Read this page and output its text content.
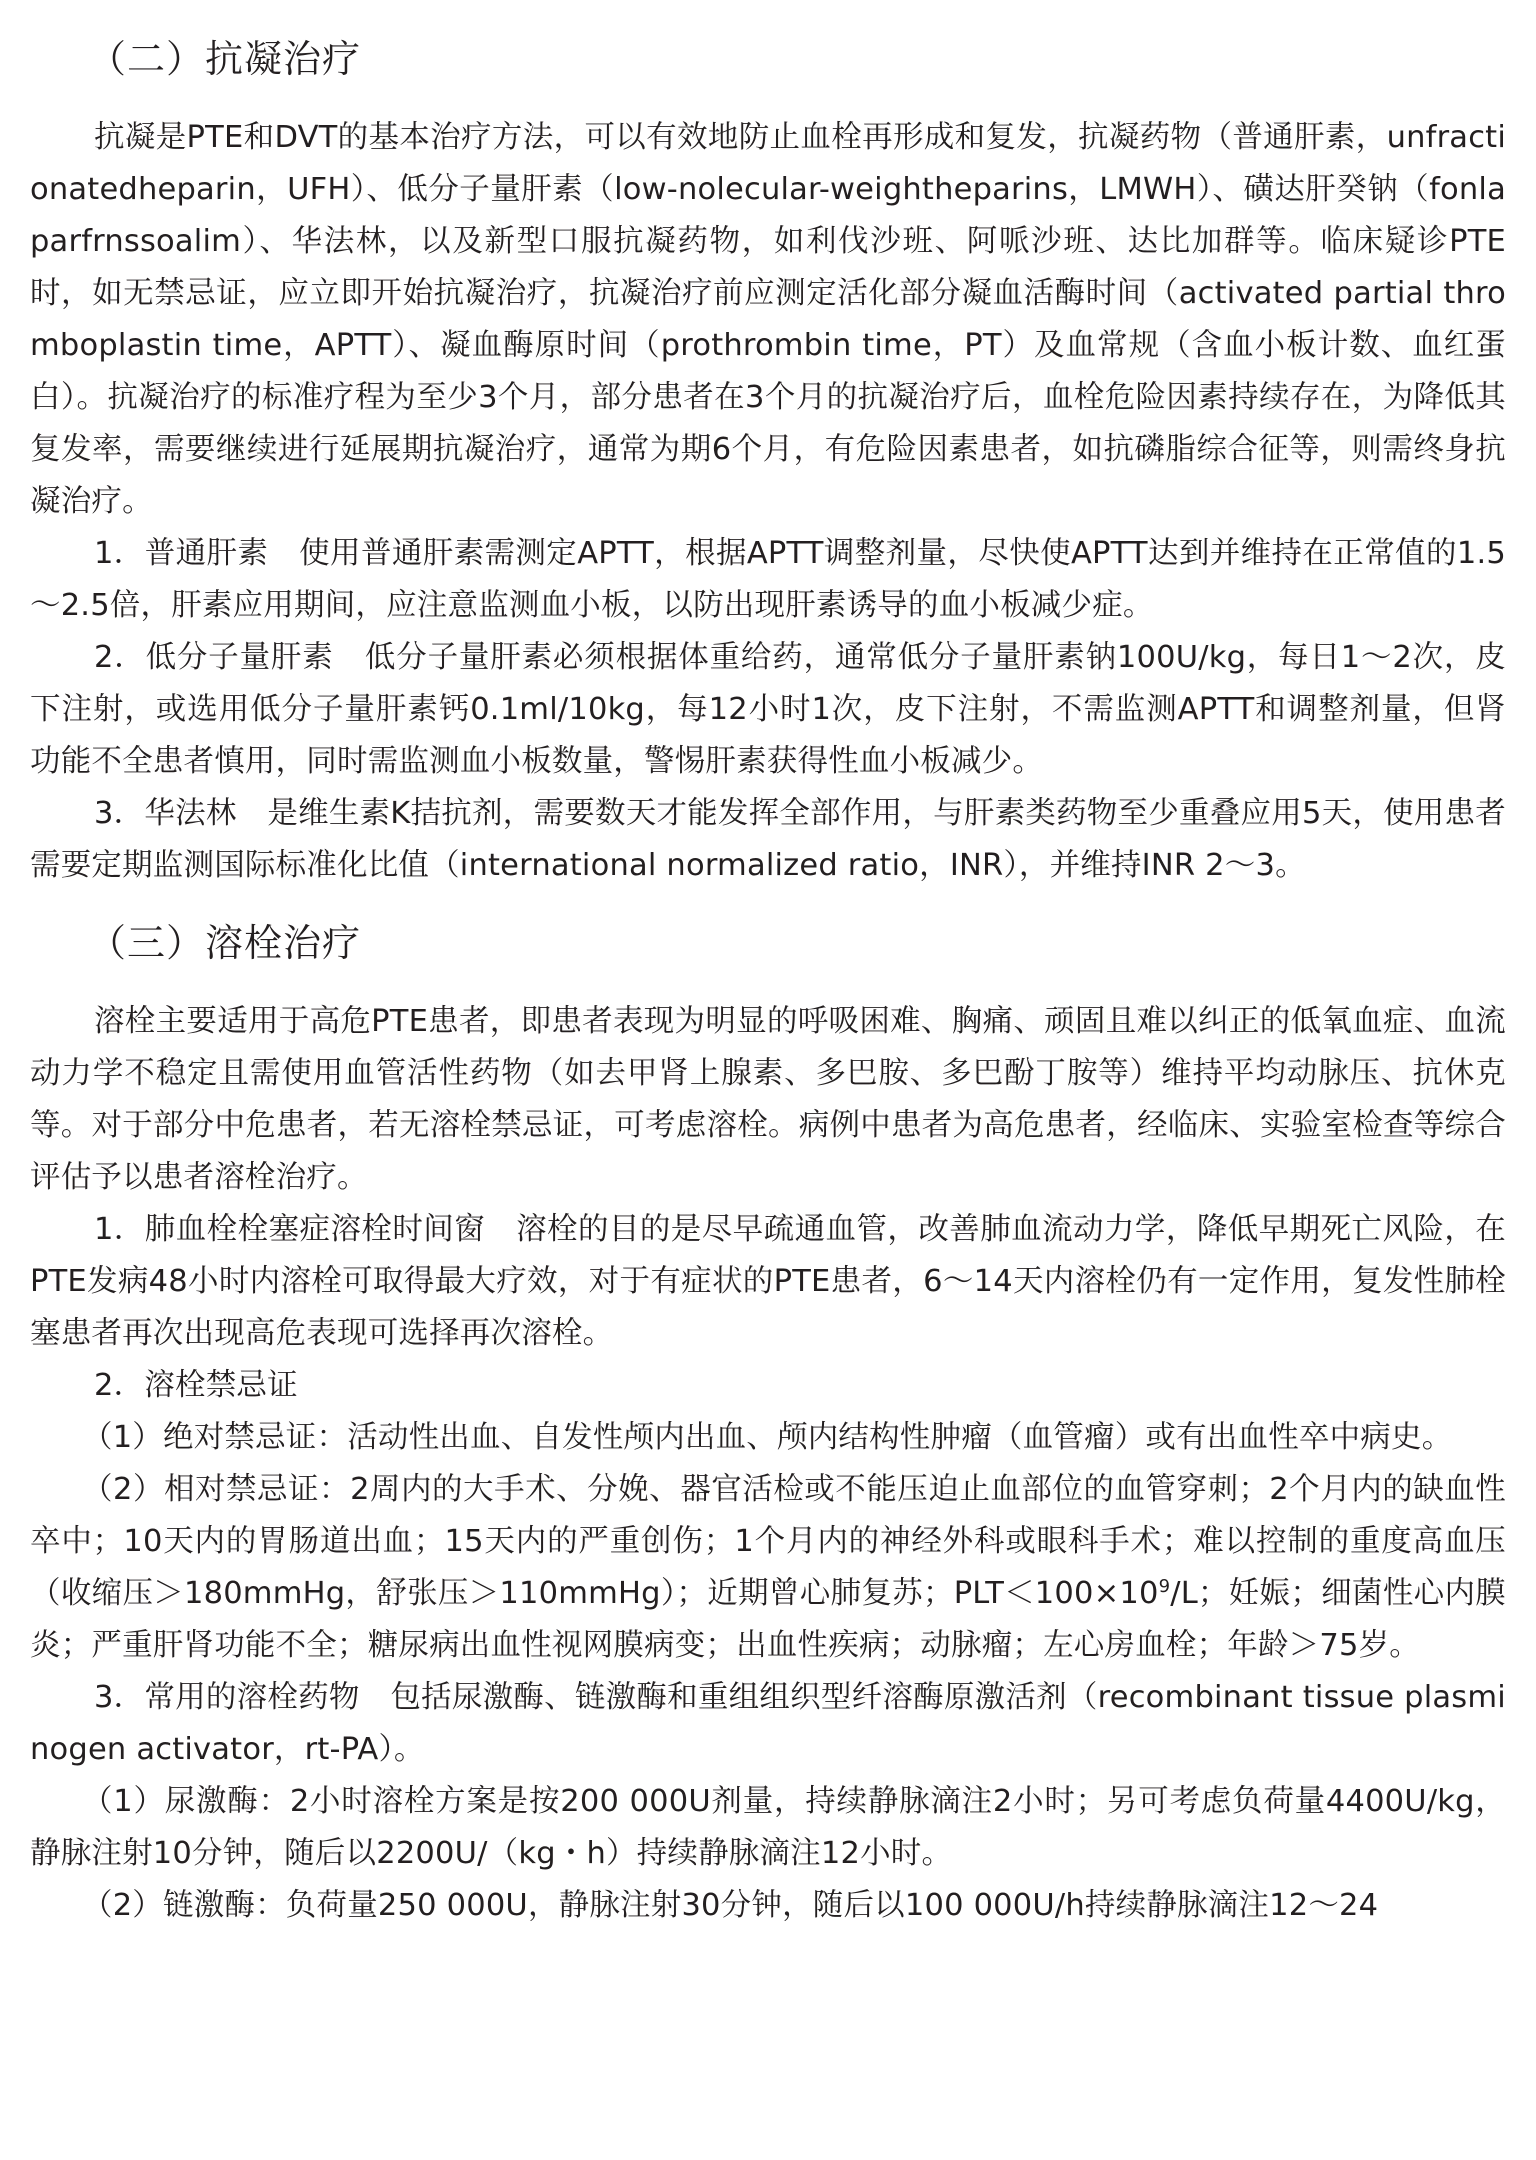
（二）抗凝治疗

抗凝是PTE和DVT的基本治疗方法，可以有效地防止血栓再形成和复发，抗凝药物（普通肝素，unfractionatedheparin，UFH）、低分子量肝素（low-nolecular-weightheparins，LMWH）、磺达肝癸钠（fonlaparfrnssoalim）、华法林，以及新型口服抗凝药物，如利伐沙班、阿哌沙班、达比加群等。临床疑诊PTE时，如无禁忌证，应立即开始抗凝治疗，抗凝治疗前应测定活化部分凝血活酶时间（activated partial thromboplastin time，APTT）、凝血酶原时间（prothrombin time，PT）及血常规（含血小板计数、血红蛋白）。抗凝治疗的标准疗程为至少3个月，部分患者在3个月的抗凝治疗后，血栓危险因素持续存在，为降低其复发率，需要继续进行延展期抗凝治疗，通常为期6个月，有危险因素患者，如抗磷脂综合征等，则需终身抗凝治疗。

1．普通肝素　使用普通肝素需测定APTT，根据APTT调整剂量，尽快使APTT达到并维持在正常值的1.5～2.5倍，肝素应用期间，应注意监测血小板，以防出现肝素诱导的血小板减少症。

2．低分子量肝素　低分子量肝素必须根据体重给药，通常低分子量肝素钠100U/kg，每日1～2次，皮下注射，或选用低分子量肝素钙0.1ml/10kg，每12小时1次，皮下注射，不需监测APTT和调整剂量，但肾功能不全患者慎用，同时需监测血小板数量，警惕肝素获得性血小板减少。

3．华法林　是维生素K拮抗剂，需要数天才能发挥全部作用，与肝素类药物至少重叠应用5天，使用患者需要定期监测国际标准化比值（international normalized ratio，INR），并维持INR 2～3。

（三）溶栓治疗

溶栓主要适用于高危PTE患者，即患者表现为明显的呼吸困难、胸痛、顽固且难以纠正的低氧血症、血流动力学不稳定且需使用血管活性药物（如去甲肾上腺素、多巴胺、多巴酚丁胺等）维持平均动脉压、抗休克等。对于部分中危患者，若无溶栓禁忌证，可考虑溶栓。病例中患者为高危患者，经临床、实验室检查等综合评估予以患者溶栓治疗。

1．肺血栓栓塞症溶栓时间窗　溶栓的目的是尽早疏通血管，改善肺血流动力学，降低早期死亡风险，在PTE发病48小时内溶栓可取得最大疗效，对于有症状的PTE患者，6～14天内溶栓仍有一定作用，复发性肺栓塞患者再次出现高危表现可选择再次溶栓。

2．溶栓禁忌证

（1）绝对禁忌证：活动性出血、自发性颅内出血、颅内结构性肿瘤（血管瘤）或有出血性卒中病史。

（2）相对禁忌证：2周内的大手术、分娩、器官活检或不能压迫止血部位的血管穿刺；2个月内的缺血性卒中；10天内的胃肠道出血；15天内的严重创伤；1个月内的神经外科或眼科手术；难以控制的重度高血压（收缩压＞180mmHg，舒张压＞110mmHg）；近期曾心肺复苏；$PLT<100\times 10^9/L$；妊娠；细菌性心内膜炎；严重肝肾功能不全；糖尿病出血性视网膜病变；出血性疾病；动脉瘤；左心房血栓；年龄＞75岁。

3．常用的溶栓药物　包括尿激酶、链激酶和重组组织型纤溶酶原激活剂（recombinant tissue plasminogen activator，rt-PA）。

（1）尿激酶：2小时溶栓方案是按200 000U剂量，持续静脉滴注2小时；另可考虑负荷量4400U/kg，静脉注射10分钟，随后以2200U/（kg・h）持续静脉滴注12小时。

（2）链激酶：负荷量250 000U，静脉注射30分钟，随后以100 000U/h持续静脉滴注12～24
